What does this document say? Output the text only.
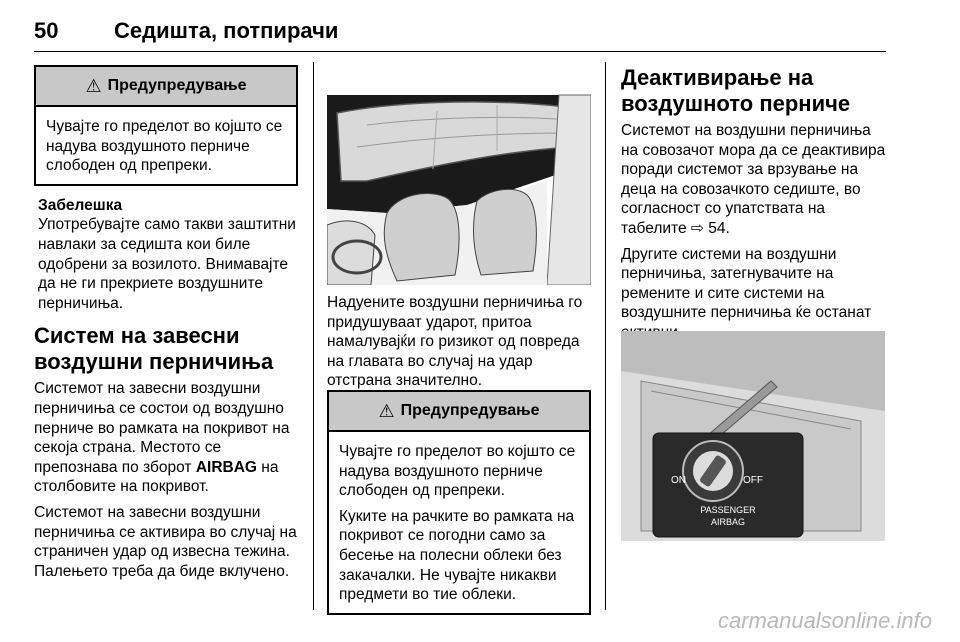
50	Седишта, потпирачи
⚠ Предупредување

Чувајте го пределот во којшто се надува воздушното перниче слободен од препреки.

Забелешка

Употребувајте само такви заштитни навлаки за седишта кои биле одобрени за возилото. Внимавајте да не ги прекриете воздушните перничиња.

Систем на завесни воздушни перничиња

Системот на завесни воздушни перничиња се состои од воздушно перниче во рамката на покривот на секоја страна. Местото се препознава по зборот AIRBAG на столбовите на покривот.

Системот на завесни воздушни перничиња се активира во случај на страничен удар од извесна тежина. Палењето треба да биде вклучено.

Надуените воздушни перничиња го придушуваат ударот, притоа намалувајќи го ризикот од повреда на главата во случај на удар отстрана значително.

⚠ Предупредување

Чувајте го пределот во којшто се надува воздушното перниче слободен од препреки.

Куките на рачките во рамката на покривот се погодни само за бесење на полесни облеки без закачалки. Не чувајте никакви предмети во тие облеки.

Деактивирање на воздушното перниче

Системот на воздушни перничиња на совозачот мора да се деактивира поради системот за врзување на деца на совозачкото седиште, во согласност со упатствата на табелите ⇨ 54.

Другите системи на воздушни перничиња, затегнувачите на ремените и сите системи на воздушните перничиња ќе останат

ON	OFF
PASSENGER
AIRBAG
carmanualsonline.info
